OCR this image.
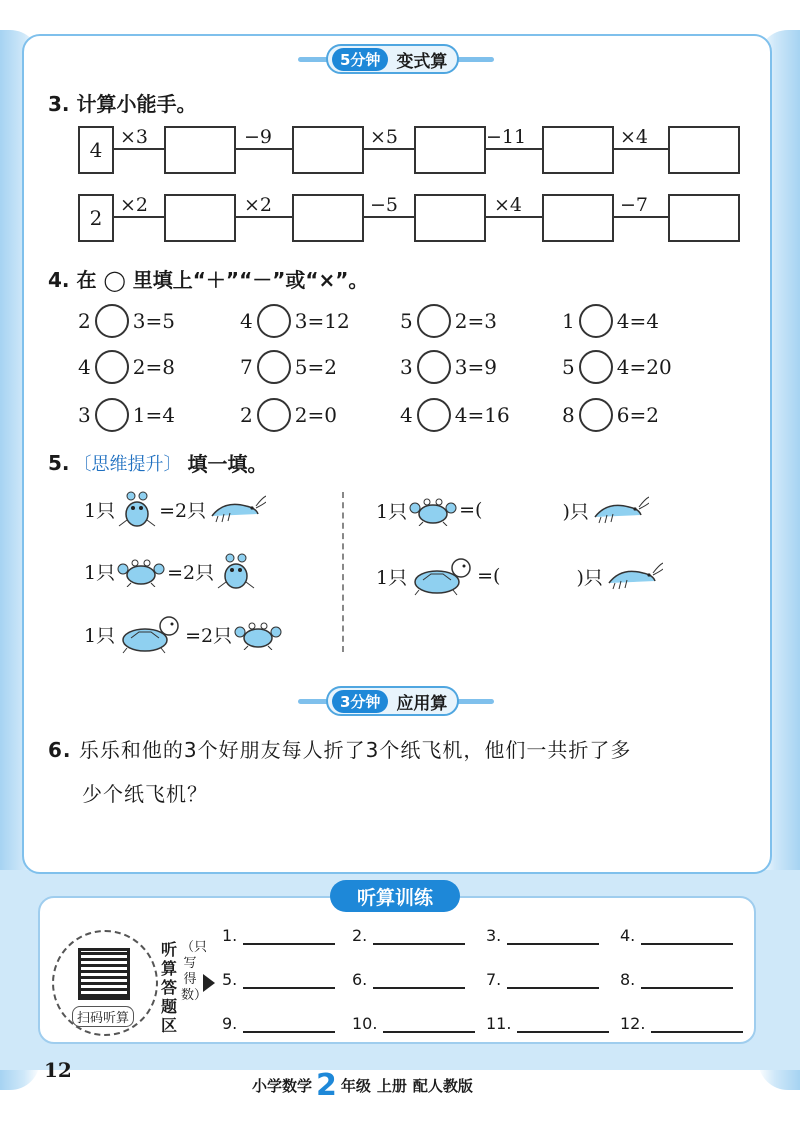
5分钟 变式算
3. 计算小能手。
4
×3	−9	×5	−11	×4
2
×2	×2	−5	×4	−7
4. 在 ◯ 里填上“＋”“－”或“×”。
2 3=5	4 3=12	5 2=3	1 4=4
4 2=8	7 5=2	3 3=9	5 4=20
3 1=4	2 2=0	4 4=16	8 6=2
5. 〔思维提升〕 填一填。
1只 =2只
1只	=2只
1只	=2只
1只	=(	)只
1只	=(	)只
3分钟 应用算
6. 乐乐和他的3个好朋友每人折了3个纸飞机，他们一共折了多
少个纸飞机？
听算训练
扫码听算
听算答题区
（只写得数）
1.	2.	3.	4.
5.	6.	7.	8.
9.	10.	11.	12.
12
小学数学 2 年级 上册 配人教版
